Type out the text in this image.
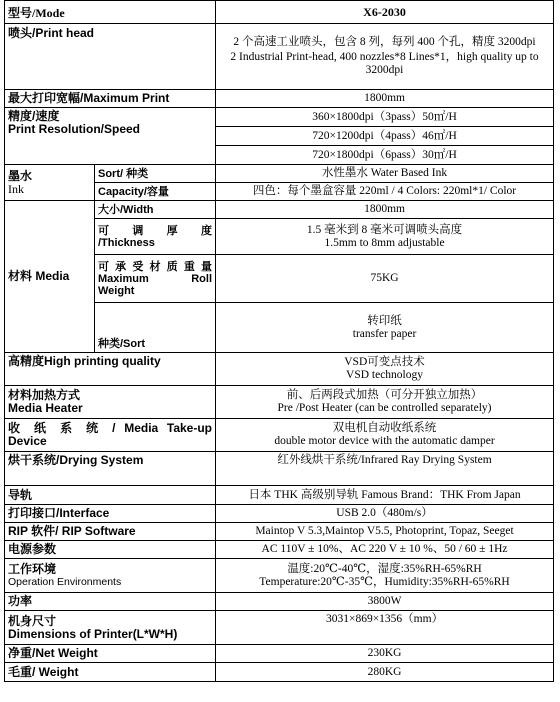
型号/Mode		X6-2030
喷头/Print head		2 个高速工业喷头，包含 8 列，每列 400 个孔，精度 3200dpi
2 Industrial Print-head, 400 nozzles*8 Lines*1，high quality up to 3200dpi

最大打印宽幅/Maximum Print		1800mm

精度/速度
Print Resolution/Speed		360×1800dpi（3pass）50㎡/H
		720×1200dpi（4pass）46㎡/H
		720×1800dpi（6pass）30㎡/H

墨水
Ink	Sort/ 种类	水性墨水 Water Based Ink
	Capacity/容量	四色：每个墨盒容量 220ml / 4 Colors: 220ml*1/ Color
材料 Media	大小/Width	1800mm

	可 调 厚 度
/Thickness	1.5 毫米到 8 毫米可调喷头高度
1.5mm to 8mm adjustable

	可承受材质重量
Maximum Roll
Weight	75KG
	种类/Sort	转印纸
transfer paper

高精度High printing quality		VSD可变点技术
VSD technology

材料加热方式
Media Heater		前、后两段式加热（可分开独立加热）
Pre /Post Heater (can be controlled separately)

收 纸 系 统 / Media Take-up
Device		双电机自动收纸系统
double motor device with the automatic damper

烘干系统/Drying System		红外线烘干系统/Infrared Ray Drying System
导轨		日本 THK 高级别导轨 Famous Brand：THK From Japan
打印接口/Interface		USB 2.0（480m/s）
RIP 软件/ RIP Software		Maintop V 5.3,Maintop V5.5, Photoprint, Topaz, Seeget
电源参数		AC 110V ± 10%、AC 220 V ± 10 %、50 / 60 ± 1Hz

工作环境
Operation Environments		温度:20℃-40℃，湿度:35%RH-65%RH
Temperature:20℃-35℃，Humidity:35%RH-65%RH

功率		3800W

机身尺寸
Dimensions of Printer(L*W*H)		3031×869×1356（mm）
净重/Net Weight		230KG
毛重/ Weight		280KG
